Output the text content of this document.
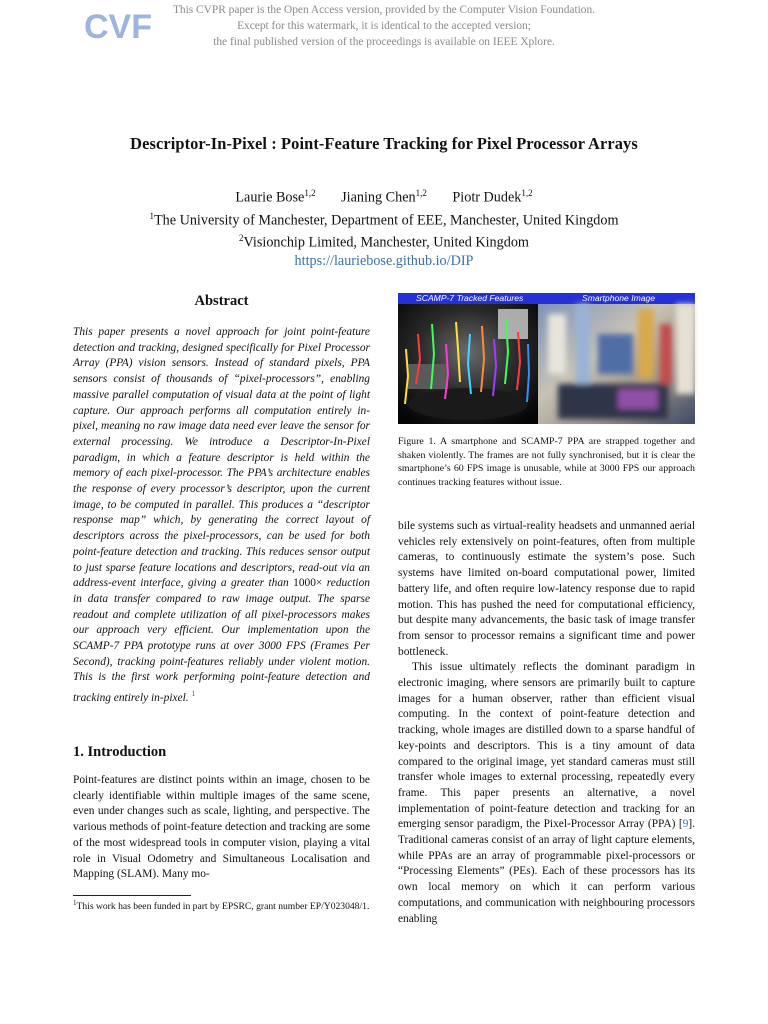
CVF	This CVPR paper is the Open Access version, provided by the Computer Vision Foundation.
Except for this watermark, it is identical to the accepted version;
the final published version of the proceedings is available on IEEE Xplore.
Descriptor-In-Pixel : Point-Feature Tracking for Pixel Processor Arrays
Laurie Bose$^{1,2}$ Jianing Chen$^{1,2}$ Piotr Dudek$^{1,2}$
$^1$The University of Manchester, Department of EEE, Manchester, United Kingdom
$^2$Visionchip Limited, Manchester, United Kingdom
https://lauriebose.github.io/DIP
Abstract
This paper presents a novel approach for joint point-feature detection and tracking, designed specifically for Pixel Processor Array (PPA) vision sensors. Instead of standard pixels, PPA sensors consist of thousands of “pixel-processors”, enabling massive parallel computation of visual data at the point of light capture. Our approach performs all computation entirely in-pixel, meaning no raw image data need ever leave the sensor for external processing. We introduce a Descriptor-In-Pixel paradigm, in which a feature descriptor is held within the memory of each pixel-processor. The PPA’s architecture enables the response of every processor’s descriptor, upon the current image, to be computed in parallel. This produces a “descriptor response map” which, by generating the correct layout of descriptors across the pixel-processors, can be used for both point-feature detection and tracking. This reduces sensor output to just sparse feature locations and descriptors, read-out via an address-event interface, giving a greater than 1000× reduction in data transfer compared to raw image output. The sparse readout and complete utilization of all pixel-processors makes our approach very efficient. Our implementation upon the SCAMP-7 PPA prototype runs at over 3000 FPS (Frames Per Second), tracking point-features reliably under violent motion. This is the first work performing point-feature detection and tracking entirely in-pixel. $^1$
1. Introduction
Point-features are distinct points within an image, chosen to be clearly identifiable within multiple images of the same scene, even under changes such as scale, lighting, and perspective. The various methods of point-feature detection and tracking are some of the most widespread tools in computer vision, playing a vital role in Visual Odometry and Simultaneous Localisation and Mapping (SLAM). Many mo-
$^1$This work has been funded in part by EPSRC, grant number EP/Y023048/1.
SCAMP-7 Tracked Features	Smartphone Image
Figure 1. A smartphone and SCAMP-7 PPA are strapped together and shaken violently. The frames are not fully synchronised, but it is clear the smartphone’s 60 FPS image is unusable, while at 3000 FPS our approach continues tracking features without issue.

bile systems such as virtual-reality headsets and unmanned aerial vehicles rely extensively on point-features, often from multiple cameras, to continuously estimate the system’s pose. Such systems have limited on-board computational power, limited battery life, and often require low-latency response due to rapid motion. This has pushed the need for computational efficiency, but despite many advancements, the basic task of image transfer from sensor to processor remains a significant time and power bottleneck.

This issue ultimately reflects the dominant paradigm in electronic imaging, where sensors are primarily built to capture images for a human observer, rather than efficient visual computing. In the context of point-feature detection and tracking, whole images are distilled down to a sparse handful of key-points and descriptors. This is a tiny amount of data compared to the original image, yet standard cameras must still transfer whole images to external processing, repeatedly every frame. This paper presents an alternative, a novel implementation of point-feature detection and tracking for an emerging sensor paradigm, the Pixel-Processor Array (PPA) [9]. Traditional cameras consist of an array of light capture elements, while PPAs are an array of programmable pixel-processors or “Processing Elements” (PEs). Each of these processors has its own local memory on which it can perform various computations, and communication with neighbouring processors enabling
